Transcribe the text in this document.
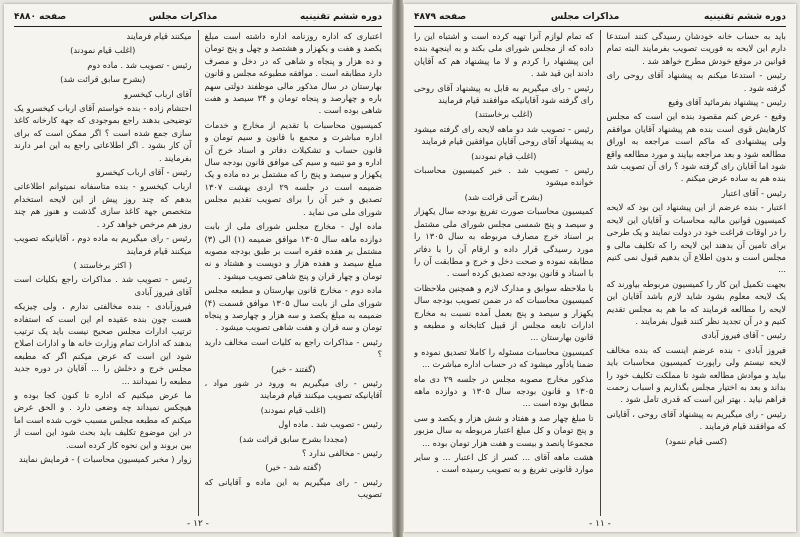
دوره ششم تقنینیه
مذاکرات مجلس
صفحه ۴۸۸۰

اعتباری که اداره روزنامه اداره داشته است مبلغ یکصد و هفت و یکهزار و هشتصد و چهل و پنج تومان و ده هزار و پنجاه و شاهی که در دخل و مصرف دارد مطابقه است . موافقه مطبوعه مجلس و قانون بهارستان در سال مذکور مالی موظفند دولتی سهم باره و چهارصد و پنجاه تومان و ۳۴ سیصد و هفت شاهی بوده است .

کمیسیون محاسبات با تقدیم از مخارج و خدمات اداره مباشرت و مجمع با قانون و سیم تومان و قانون حساب و تشکیلات دفاتر و اسناد خرج آن اداره و مو تنبیه و سیم کی موافق قانون بودجه سال یکهزار و سیصد و پنج را که مشتمل بر ده ماده و یک ضمیمه است در جلسه ۲۹ اردی بهشت ۱۳۰۷ تصدیق و خبر آن را برای تصویب تقدیم مجلس شورای ملی می نماید .

ماده اول - مخارج مجلس شورای ملی از بابت دوازده ماهه سال ۱۳۰۵ موافق ضمیمه (۱) الی (۳) مشتمل بر هفده فقره است بر طبق بودجه مصوبه مبلغ سیصد و هفده هزار و دویست و هشتاد و نه تومان و چهار قران و پنج شاهی تصویب میشود .

ماده دوم - مخارج قانون بهارستان و مطبعه مجلس شورای ملی از بابت سال ۱۳۰۵ موافق قسمت (۴) ضمیمه به مبلغ یکصد و سه هزار و چهارصد و پنجاه تومان و سه قران و هفت شاهی تصویب میشود .

رئیس - مذاکرات راجع به کلیات است مخالف دارید ؟

(گفتند - خیر)

رئیس - رای میگیریم به ورود در شور مواد ، آقایانیکه تصویب میکنند قیام فرمایند

(اغلب قیام نمودند)

رئیس - تصویب شد . ماده اول

(مجددا بشرح سابق قرائت شد)

رئیس - مخالفی ندارد ؟

(گفته شد - خیر)

رئیس - رای میگیریم به این ماده و آقایانی که تصویب

میکنند قیام فرمایند

(اغلب قیام نمودند)

رئیس - تصویب شد . ماده دوم

(بشرح سابق قرائت شد)

آقای ارباب کیخسرو

احتشام زاده - بنده خواستم آقای ارباب کیخسرو یک توضیحی بدهند راجع بموجودی که جهة کارخانه کاغذ سازی جمع شده است ؟ اگر ممکن است که برای آن کار بشود . اگر اطلاعاتی راجع به این امر دارند بفرمایند .

رئیس - آقای ارباب کیخسرو

ارباب کیخسرو - بنده متاسفانه نمیتوانم اطلاعاتی بدهم که چند روز پیش از این لایحه استخدام متخصص جهة کاغذ سازی گذشت و هنوز هم چند روز هم مرخص خواهد کرد .

رئیس - رای میگیریم به ماده دوم ، آقایانیکه تصویب میکنند قیام فرمایند

( اکثر برخاستند )

رئیس - تصویب شد . مذاکرات راجع بکلیات است آقای فیروز آبادی

فیروزآبادی - بنده مخالفتی ندارم ، ولی چیزیکه هست چون بنده عقیده ام این است که استفاده ترتیب ادارات مجلس صحیح نیست باید یک ترتیب بدهند که ادارات تمام وزارت خانه ها و ادارات اصلاح شود این است که عرض میکنم اگر که مطبعه مجلس خرج و دخلش را ... آقایان در دوره جدید مطبعه را نمیدانند ...

ما عرض میکنیم که اداره تا کنون کجا بوده و هیچکس نمیداند چه وضعی دارد . و الحق عرض میکنم که مطبعه مجلس مسبب خوب شده است اما در این موضوع تکلیف باید بحث شود این است از بین بروند و این نحوه کار کرده است.

زوار ( مخبر کمیسیون محاسبات ) - فرمایش نمایند

- ۱۲ -
دوره ششم تقنینیه
مذاکرات مجلس
صفحه ۴۸۷۹

باید به حساب خانه خودشان رسیدگی کنند استدعا دارم این لایحه به فوریت تصویب بفرمایند البته تمام قوانین در موقع خودش مطرح خواهد شد .

رئیس - استدعا میکنم به پیشنهاد آقای روحی رای گرفته شود .

رئیس - پیشنهاد بفرمائید آقای وفیع

وفیع - عرض کنم مقصود بنده این است که مجلس کارهایش قوی است بنده هم پیشنهاد آقایان موافقم ولی پیشنهادی که ماکم است مراجعه به اوراق مطالعه شود و بعد مراجعه بیایند و مورد مطالعه واقع شود اما آقایان رای گرفته شود ؟ رای آن تصویب شد بنده هم به ساده عرض میکنم .

رئیس - آقای اعتبار

اعتبار - بنده عرضم از این پیشنهاد این بود که لایحه کمیسیون قوانین مالیه محاسبات و آقایان این لایحه را در اوقات فراغت خود در دولت نمایند و یک طرحی برای تامین آن بدهند این لایحه را که تکلیف مالی و مجلس است و بدون اطلاع آن بدهیم قبول نمی کنیم ...

بجهت تکمیل این کار را کمیسیون مربوطه بیاورند که یک لایحه معلوم بشود شاید لازم باشد آقایان این لایحه را مطالعه فرمایند که ما هم به مجلس تقدیم کنیم و در آن تجدید نظر کنند قبول بفرمایند .

رئیس - آقای فیروز آبادی

فیروز آبادی - بنده عرضم اینست که بنده مخالف لایحه نیستم ولی راپورت کمیسیون محاسبات باید بیاید و موادش مطالعه شود تا مملکت تکلیف خود را بداند و بعد به اختیار مجلس بگذاریم و اسباب زحمت فراهم نیاید . بهتر این است که قدری تامل شود .

رئیس - رای میگیریم به پیشنهاد آقای روحی ، آقایانی که موافقند قیام فرمایند .

(کسی قیام ننمود)

که تمام لوازم آنرا تهیه کرده است و اشتباه این را داده که از مجلس شورای ملی بکند و به اینجهة بنده این پیشنهاد را کردم و لا ما پیشنهاد هم که آقایان دادند این قید شد .

رئیس - رای میگیریم به قابل به پیشنهاد آقای روحی رای گرفته شود آقایانیکه موافقند قیام فرمایند

(اغلب برخاستند)

رئیس - تصویب شد دو ماهه لایحه رای گرفته میشود به پیشنهاد آقای روحی آقایان موافقین قیام فرمایند

(اغلب قیام نمودند)

رئیس - تصویب شد . خبر کمیسیون محاسبات خوانده میشود

(بشرح آتی قرائت شد)

کمیسیون محاسبات صورت تفریغ بودجه سال یکهزار و سیصد و پنج شمسی مجلس شورای ملی مشتمل بر اسناد خرج مصارف مربوطه به سال ۱۳۰۵ را مورد رسیدگی قرار داده و ارقام آن را با دفاتر مطابقه نموده و صحت دخل و خرج و مطابقت آن را با اسناد و قانون بودجه تصدیق کرده است .

با ملاحظه سوابق و مدارک لازم و همچنین ملاحظات کمیسیون محاسبات که در ضمن تصویب بودجه سال یکهزار و سیصد و پنج بعمل آمده نسبت به مخارج ادارات تابعه مجلس از قبیل کتابخانه و مطبعه و قانون بهارستان ...

کمیسیون محاسبات مسئوله را کاملا تصدیق نموده و ضمنا یادآور میشود که در حساب اداره مباشرت ...

مذکور مخارج مصوبه مجلس در جلسه ۲۹ دی ماه ۱۳۰۵ و قانون بودجه سال ۱۳۰۵ و دوازده ماهه مطابق بوده است ...

تا مبلغ چهار صد و هفتاد و شش هزار و یکصد و سی و پنج تومان و کل مبلغ اعتبار مربوطه به سال مزبور مجموعا پانصد و بیست و هفت هزار تومان بوده ...

هشت ماهه آقای ... کسر از کل اعتبار ... و سایر موارد قانونی تفریغ و به تصویب رسیده است .

- ۱۱ -
